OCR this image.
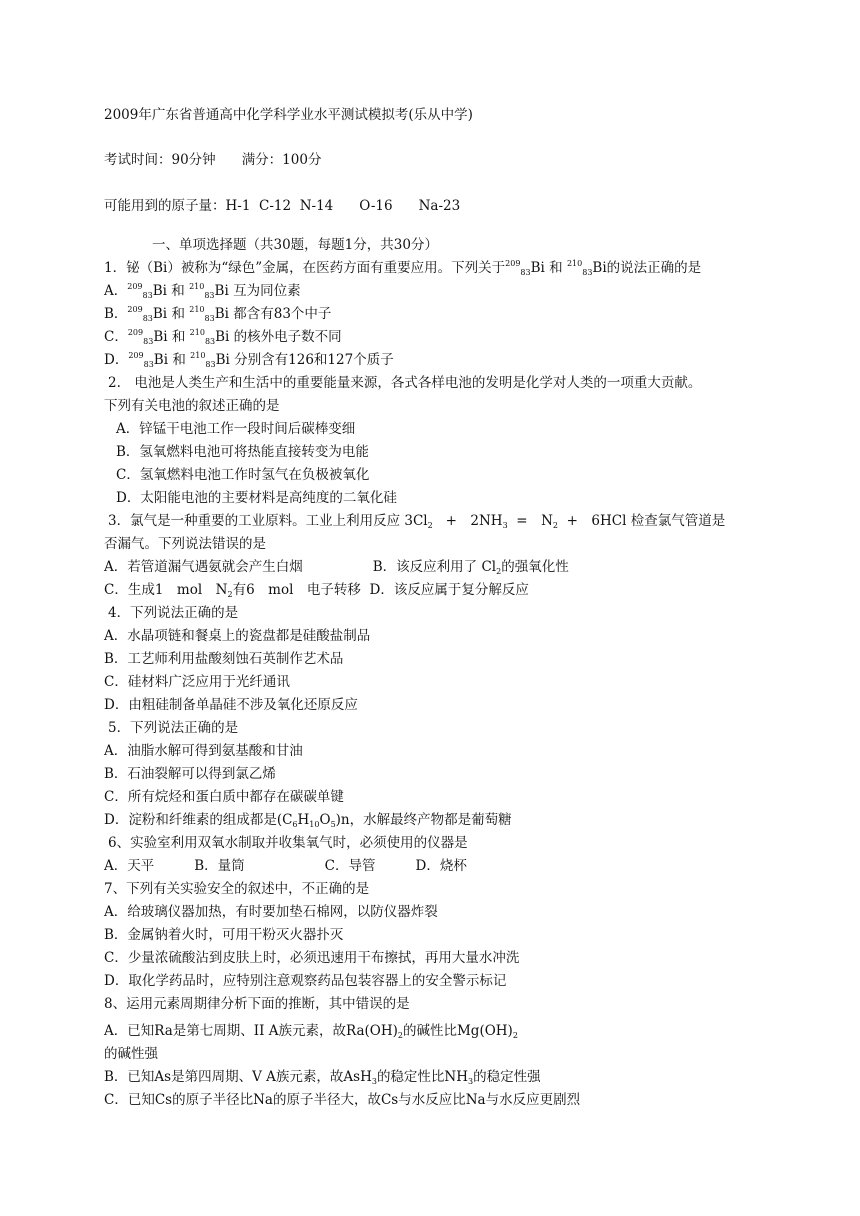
2009年广东省普通高中化学科学业水平测试模拟考(乐从中学)
考试时间：90分钟 满分：100分
可能用到的原子量：H-1 C-12 N-14 O-16 Na-23
一、单项选择题（共30题，每题1分，共30分）
1．铋（Bi）被称为“绿色”金属，在医药方面有重要应用。下列关于$^{209}_{83}$Bi 和 $^{210}_{83}$Bi的说法正确的是
A．$^{209}_{83}$Bi 和 $^{210}_{83}$Bi 互为同位素
B．$^{209}_{83}$Bi 和 $^{210}_{83}$Bi 都含有83个中子
C．$^{209}_{83}$Bi 和 $^{210}_{83}$Bi 的核外电子数不同
D．$^{209}_{83}$Bi 和 $^{210}_{83}$Bi 分别含有126和127个质子
2.　电池是人类生产和生活中的重要能量来源，各式各样电池的发明是化学对人类的一项重大贡献。
下列有关电池的叙述正确的是
A．锌锰干电池工作一段时间后碳棒变细
B．氢氧燃料电池可将热能直接转变为电能
C．氢氧燃料电池工作时氢气在负极被氧化
D．太阳能电池的主要材料是高纯度的二氧化硅
3．氯气是一种重要的工业原料。工业上利用反应 $3Cl_2$ +　$2NH_3$ =　$N_2$ +　6HCl 检查氯气管道是
否漏气。下列说法错误的是
A．若管道漏气遇氨就会产生白烟	B．该反应利用了 $Cl_2$的强氧化性
C．生成1　mol　$N_2$有6　mol　电子转移 D．该反应属于复分解反应
4．下列说法正确的是
A．水晶项链和餐桌上的瓷盘都是硅酸盐制品
B．工艺师利用盐酸刻蚀石英制作艺术品
C．硅材料广泛应用于光纤通讯
D．由粗硅制备单晶硅不涉及氧化还原反应
5．下列说法正确的是
A．油脂水解可得到氨基酸和甘油
B．石油裂解可以得到氯乙烯
C．所有烷烃和蛋白质中都存在碳碳单键
D．淀粉和纤维素的组成都是$(C_6H_{10}O_5)n$，水解最终产物都是葡萄糖
6、实验室利用双氧水制取并收集氧气时，必须使用的仪器是
A．天平	B．量筒	C．导管	D．烧杯
7、下列有关实验安全的叙述中，不正确的是
A．给玻璃仪器加热，有时要加垫石棉网，以防仪器炸裂
B．金属钠着火时，可用干粉灭火器扑灭
C．少量浓硫酸沾到皮肤上时，必须迅速用干布擦拭，再用大量水冲洗
D．取化学药品时，应特别注意观察药品包装容器上的安全警示标记
8、运用元素周期律分析下面的推断，其中错误的是
A．已知Ra是第七周期、II A族元素，故$Ra(OH)_2$的碱性比$Mg(OH)_2$
的碱性强
B．已知As是第四周期、V A族元素，故AsH$_3$的稳定性比$NH_3$的稳定性强
C．已知Cs的原子半径比Na的原子半径大，故Cs与水反应比Na与水反应更剧烈
